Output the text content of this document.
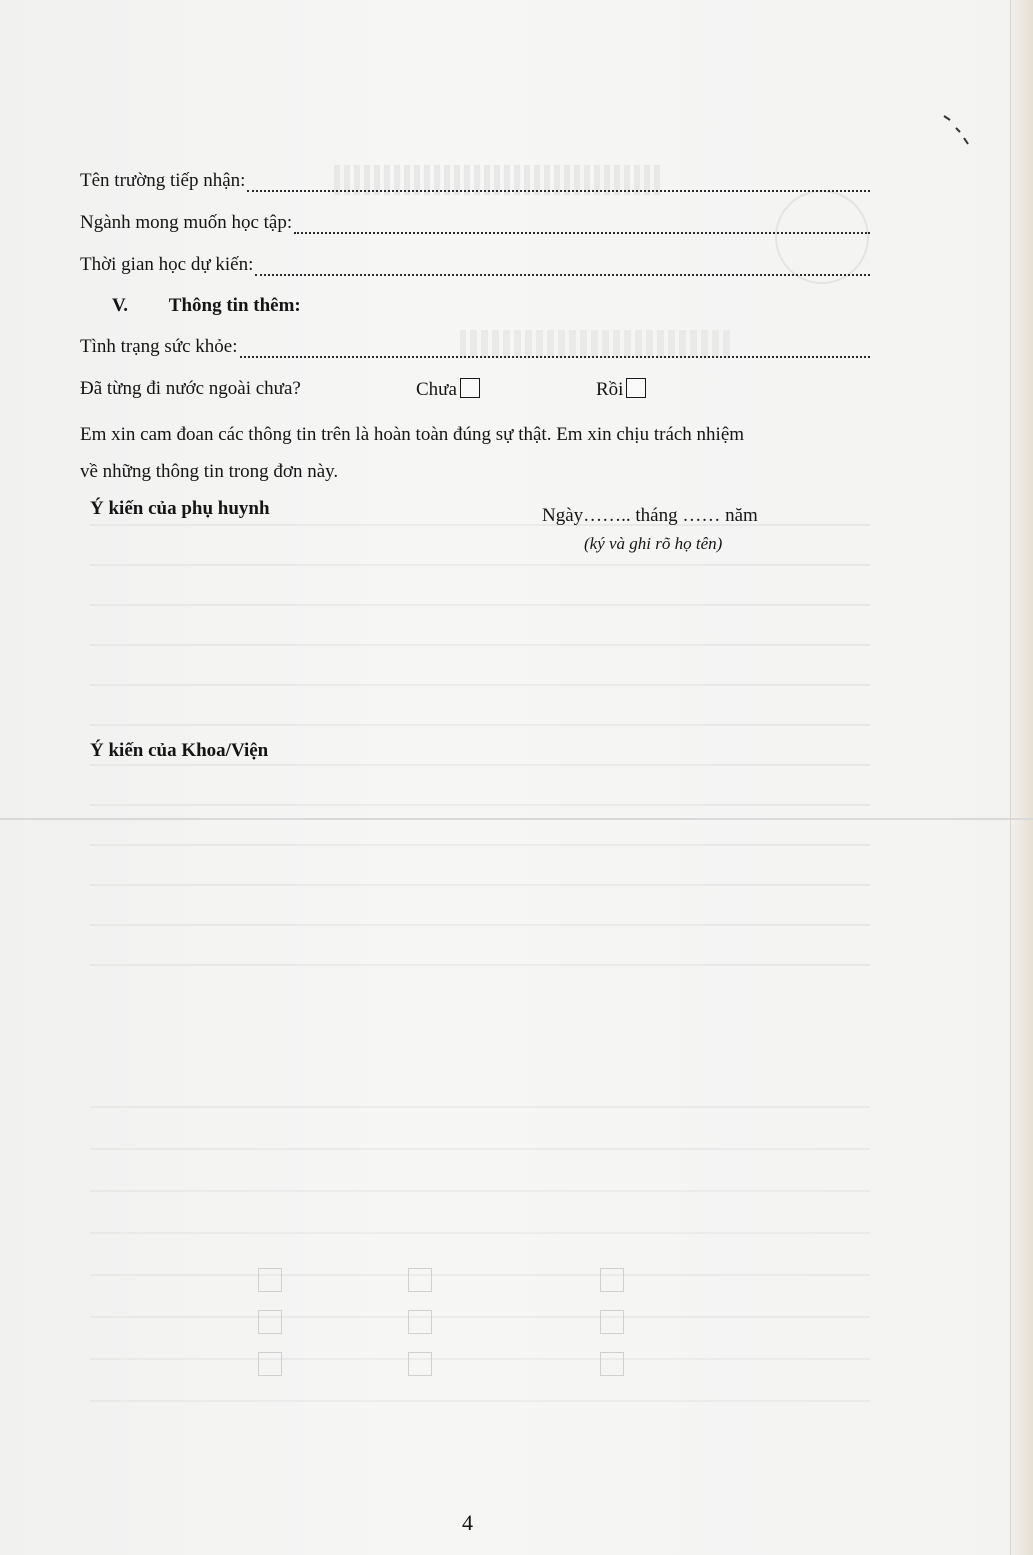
Tên trường tiếp nhận:
Ngành mong muốn học tập:
Thời gian học dự kiến:
V. Thông tin thêm:
Tình trạng sức khỏe:
Đã từng đi nước ngoài chưa?	Chưa	Rồi
Em xin cam đoan các thông tin trên là hoàn toàn đúng sự thật. Em xin chịu trách nhiệm
về những thông tin trong đơn này.
Ý kiến của phụ huynh	Ngày…….. tháng …… năm
(ký và ghi rõ họ tên)
Ý kiến của Khoa/Viện
4
